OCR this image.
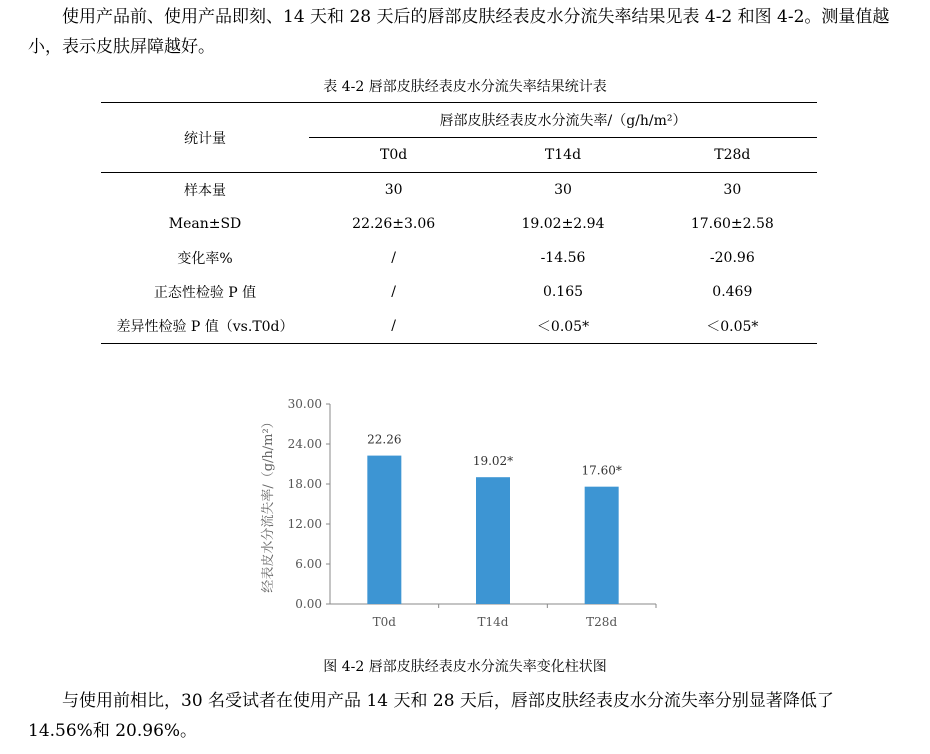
使用产品前、使用产品即刻、14 天和 28 天后的唇部皮肤经表皮水分流失率结果见表 4-2 和图 4-2。测量值越小，表示皮肤屏障越好。

表 4-2 唇部皮肤经表皮水分流失率结果统计表
统计量	唇部皮肤经表皮水分流失率/（g/h/m²）		
	T0d	T14d	T28d
样本量	30	30	30
Mean±SD	22.26±3.06	19.02±2.94	17.60±2.58
变化率%	/	-14.56	-20.96
正态性检验 P 值	/	0.165	0.469
差异性检验 P 值（vs.T0d）	/	＜0.05*	＜0.05*
经表皮水分流失率/（g/h/m²）
0.00
6.00
12.00
18.00
24.00
30.00
22.26
19.02*
17.60*
T0d	T14d	T28d
图 4-2 唇部皮肤经表皮水分流失率变化柱状图

与使用前相比，30 名受试者在使用产品 14 天和 28 天后，唇部皮肤经表皮水分流失率分别显著降低了 14.56%和 20.96%。
